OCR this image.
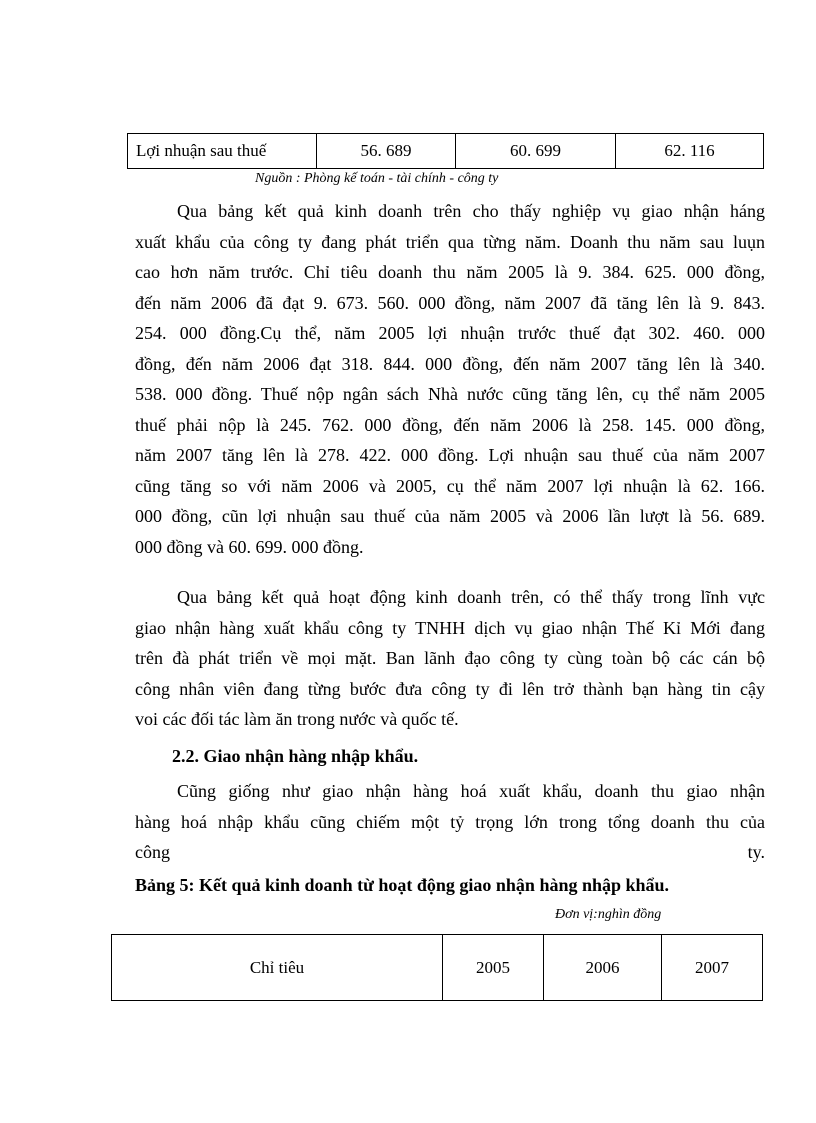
Lợi nhuận sau thuế	56. 689	60. 699	62. 116
Nguồn : Phòng kế toán - tài chính - công ty
Qua bảng kết quả kinh doanh trên cho thấy nghiệp vụ giao nhận háng
xuất khẩu của công ty đang phát triển qua từng năm. Doanh thu năm sau luụn
cao hơn năm trước. Chỉ tiêu doanh thu năm 2005 là 9. 384. 625. 000 đồng,
đến năm 2006 đã đạt 9. 673. 560. 000 đồng, năm 2007 đã tăng lên là 9. 843.
254. 000 đồng.Cụ thể, năm 2005 lợi nhuận trước thuế đạt 302. 460. 000
đồng, đến năm 2006 đạt 318. 844. 000 đồng, đến năm 2007 tăng lên là 340.
538. 000 đồng. Thuế nộp ngân sách Nhà nước cũng tăng lên, cụ thể năm 2005
thuế phải nộp là 245. 762. 000 đồng, đến năm 2006 là 258. 145. 000 đồng,
năm 2007 tăng lên là 278. 422. 000 đồng. Lợi nhuận sau thuế của năm 2007
cũng tăng so với năm 2006 và 2005, cụ thể năm 2007 lợi nhuận là 62. 166.
000 đồng, cũn lợi nhuận sau thuế của năm 2005 và 2006 lần lượt là 56. 689.
000 đồng và 60. 699. 000 đồng.
Qua bảng kết quả hoạt động kinh doanh trên, có thể thấy trong lĩnh vực
giao nhận hàng xuất khẩu công ty TNHH dịch vụ giao nhận Thế Kỉ Mới đang
trên đà phát triển về mọi mặt. Ban lãnh đạo công ty cùng toàn bộ các cán bộ
công nhân viên đang từng bước đưa công ty đi lên trở thành bạn hàng tin cậy
voi các đối tác làm ăn trong nước và quốc tế.
2.2. Giao nhận hàng nhập khẩu.
Cũng giống như giao nhận hàng hoá xuất khẩu, doanh thu giao nhận
hàng hoá nhập khẩu cũng chiếm một tỷ trọng lớn trong tổng doanh thu của
công ty.
Bảng 5: Kết quả kinh doanh từ hoạt động giao nhận hàng nhập khẩu.
Đơn vị:nghìn đồng
Chỉ tiêu	2005	2006	2007
